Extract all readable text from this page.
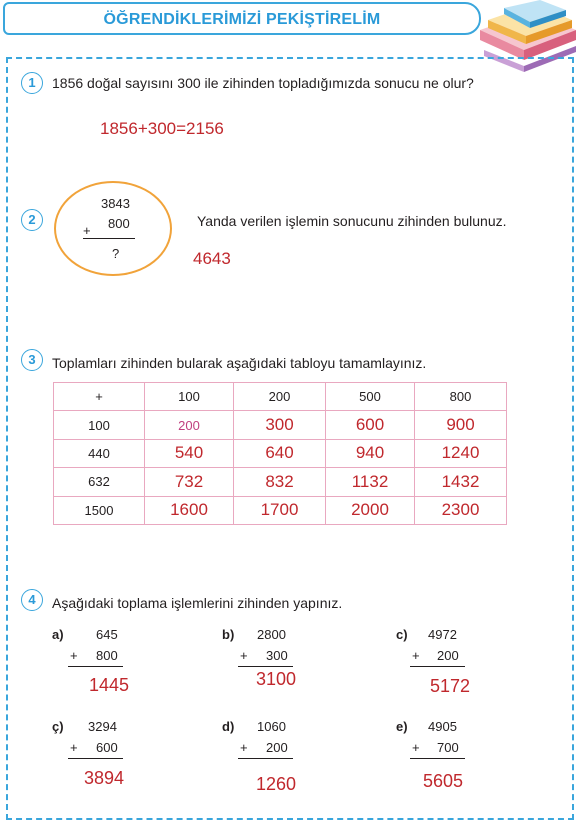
ÖĞRENDİKLERİMİZİ PEKİŞTİRELİM
1	1856 doğal sayısını 300 ile zihinden topladığımızda sonucu ne olur?
1856+300=2156
2
3843
+ 800
?
Yanda verilen işlemin sonucunu zihinden bulunuz.
4643
3	Toplamları zihinden bularak aşağıdaki tabloyu tamamlayınız.
+	100	200	500	800
100	200	300	600	900
440	540	640	940	1240
632	732	832	1132	1432
1500	1600	1700	2000	2300
4	Aşağıdaki toplama işlemlerini zihinden yapınız.
a) 645
+ 800
1445
b) 2800
+ 300
3100
c) 4972
+ 200
5172
ç) 3294
+ 600
3894
d) 1060
+ 200
1260
e) 4905
+ 700
5605
